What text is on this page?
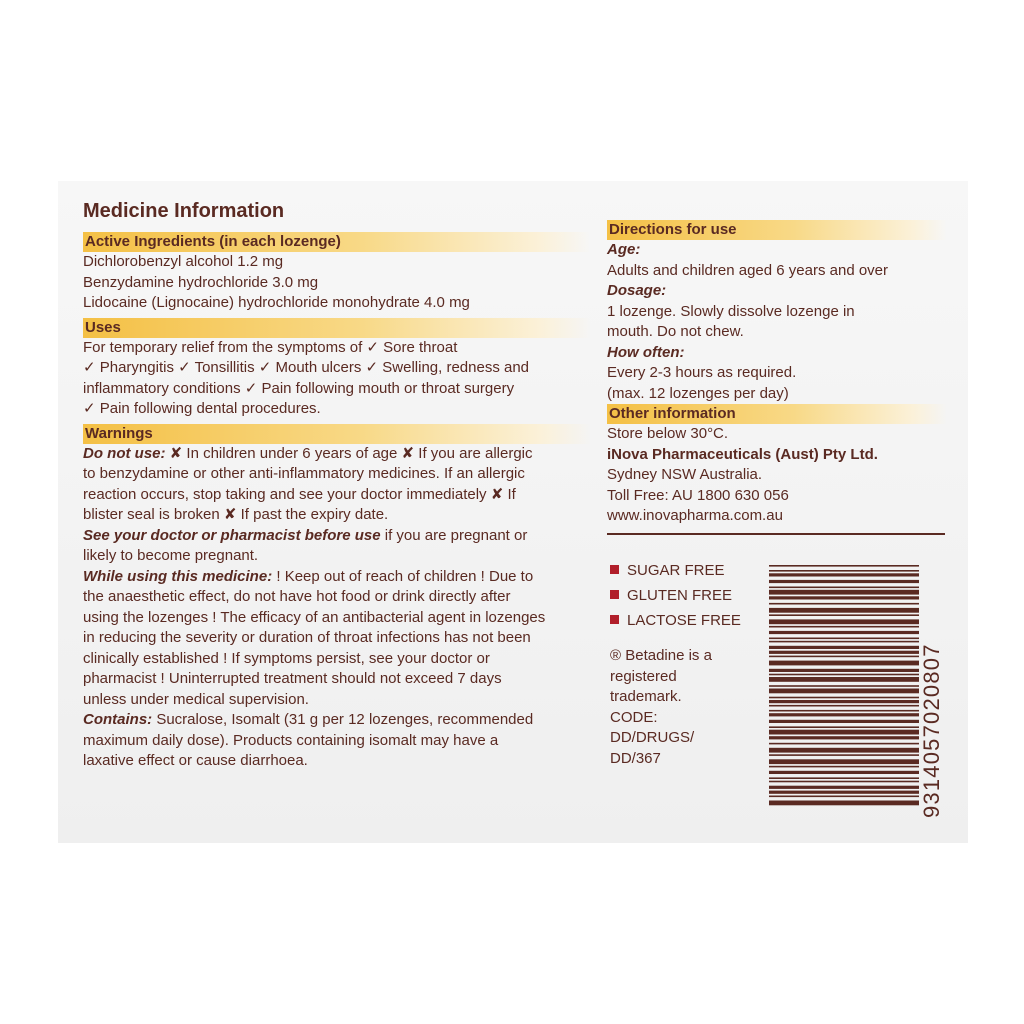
Medicine Information
Active Ingredients (in each lozenge)
Dichlorobenzyl alcohol 1.2 mg
Benzydamine hydrochloride 3.0 mg
Lidocaine (Lignocaine) hydrochloride monohydrate 4.0 mg
Uses
For temporary relief from the symptoms of ✓ Sore throat
✓ Pharyngitis ✓ Tonsillitis ✓ Mouth ulcers ✓ Swelling, redness and
inflammatory conditions ✓ Pain following mouth or throat surgery
✓ Pain following dental procedures.
Warnings
Do not use: ✘ In children under 6 years of age ✘ If you are allergic
to benzydamine or other anti-inflammatory medicines. If an allergic
reaction occurs, stop taking and see your doctor immediately ✘ If
blister seal is broken ✘ If past the expiry date.
See your doctor or pharmacist before use if you are pregnant or
likely to become pregnant.
While using this medicine: ! Keep out of reach of children ! Due to
the anaesthetic effect, do not have hot food or drink directly after
using the lozenges ! The efficacy of an antibacterial agent in lozenges
in reducing the severity or duration of throat infections has not been
clinically established ! If symptoms persist, see your doctor or
pharmacist ! Uninterrupted treatment should not exceed 7 days
unless under medical supervision.
Contains: Sucralose, Isomalt (31 g per 12 lozenges, recommended
maximum daily dose). Products containing isomalt may have a
laxative effect or cause diarrhoea.
Directions for use
Age:
Adults and children aged 6 years and over
Dosage:
1 lozenge. Slowly dissolve lozenge in
mouth. Do not chew.
How often:
Every 2-3 hours as required.
(max. 12 lozenges per day)
Other information
Store below 30°C.
iNova Pharmaceuticals (Aust) Pty Ltd.
Sydney NSW Australia.
Toll Free: AU 1800 630 056
www.inovapharma.com.au
SUGAR FREE
GLUTEN FREE
LACTOSE FREE
® Betadine is a
registered
trademark.
CODE:
DD/DRUGS/
DD/367	9314057020807
